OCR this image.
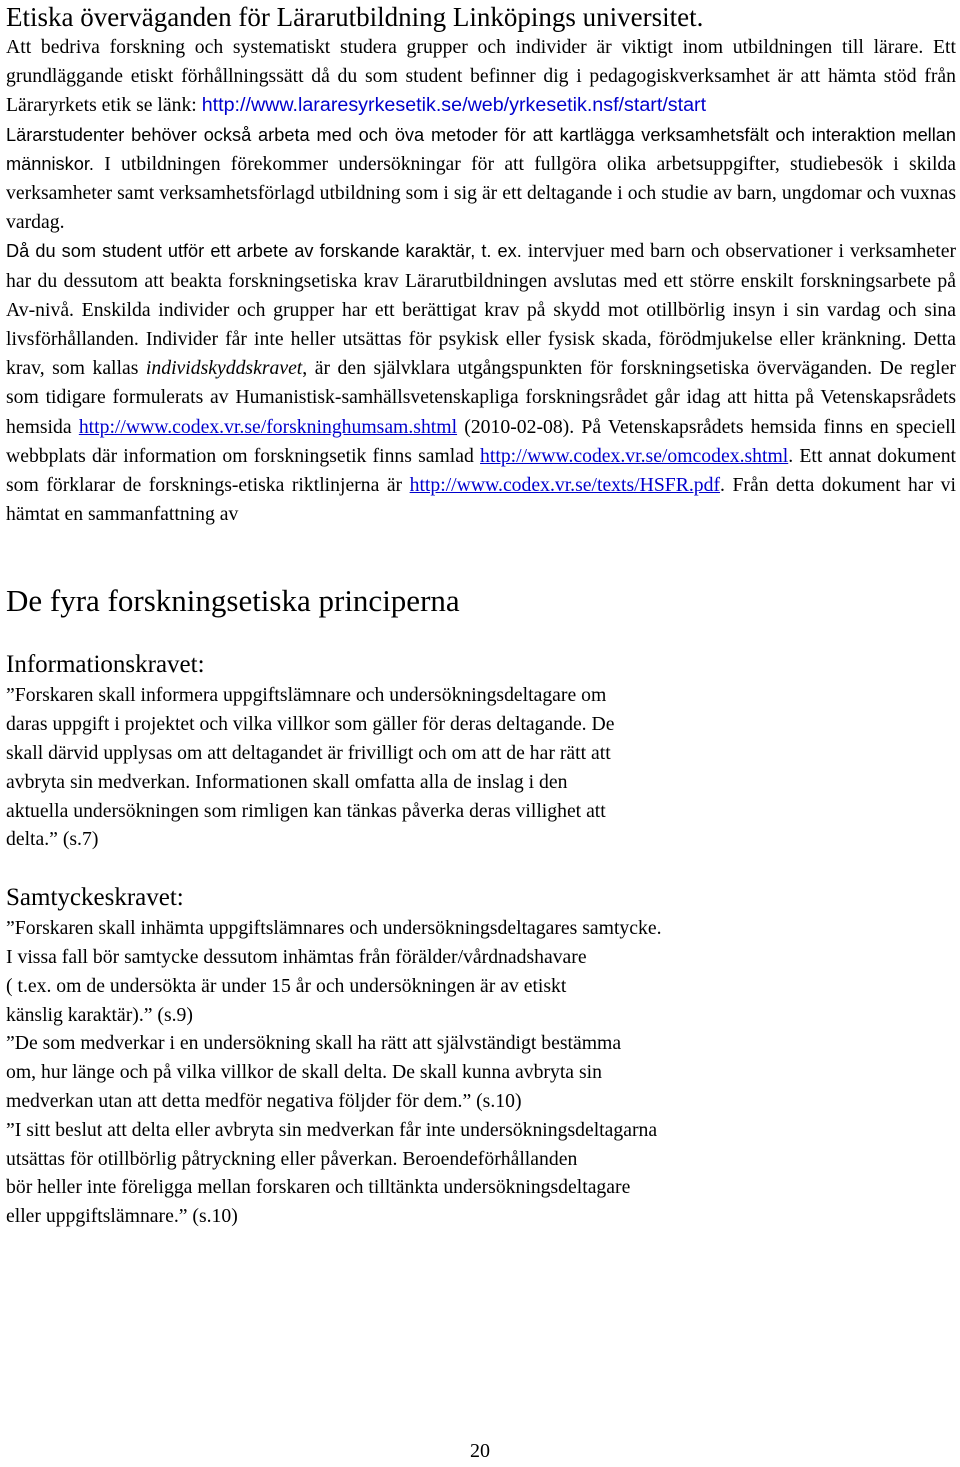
Etiska överväganden för Lärarutbildning Linköpings universitet.

Att bedriva forskning och systematiskt studera grupper och individer är viktigt inom utbildningen till lärare. Ett grundläggande etiskt förhållningssätt då du som student befinner dig i pedagogiskverksamhet är att hämta stöd från Läraryrkets etik se länk: http://www.lararesyrkesetik.se/web/yrkesetik.nsf/start/start

Lärarstudenter behöver också arbeta med och öva metoder för att kartlägga verksamhetsfält och interaktion mellan människor. I utbildningen förekommer undersökningar för att fullgöra olika arbetsuppgifter, studiebesök i skilda verksamheter samt verksamhetsförlagd utbildning som i sig är ett deltagande i och studie av barn, ungdomar och vuxnas vardag.

Då du som student utför ett arbete av forskande karaktär, t. ex. intervjuer med barn och observationer i verksamheter har du dessutom att beakta forskningsetiska krav Lärarutbildningen avslutas med ett större enskilt forskningsarbete på Av-nivå. Enskilda individer och grupper har ett berättigat krav på skydd mot otillbörlig insyn i sin vardag och sina livsförhållanden. Individer får inte heller utsättas för psykisk eller fysisk skada, förödmjukelse eller kränkning. Detta krav, som kallas individskyddskravet, är den självklara utgångspunkten för forskningsetiska överväganden. De regler som tidigare formulerats av Humanistisk-samhällsvetenskapliga forskningsrådet går idag att hitta på Vetenskapsrådets hemsida http://www.codex.vr.se/forskninghumsam.shtml (2010-02-08). På Vetenskapsrådets hemsida finns en speciell webbplats där information om forskningsetik finns samlad http://www.codex.vr.se/omcodex.shtml. Ett annat dokument som förklarar de forsknings-etiska riktlinjerna är http://www.codex.vr.se/texts/HSFR.pdf. Från detta dokument har vi hämtat en sammanfattning av

De fyra forskningsetiska principerna
Informationskravet:

”Forskaren skall informera uppgiftslämnare och undersökningsdeltagare om
daras uppgift i projektet och vilka villkor som gäller för deras deltagande. De
skall därvid upplysas om att deltagandet är frivilligt och om att de har rätt att
avbryta sin medverkan. Informationen skall omfatta alla de inslag i den
aktuella undersökningen som rimligen kan tänkas påverka deras villighet att
delta.” (s.7)

Samtyckeskravet:

”Forskaren skall inhämta uppgiftslämnares och undersökningsdeltagares samtycke.
I vissa fall bör samtycke dessutom inhämtas från förälder/vårdnadshavare
( t.ex. om de undersökta är under 15 år och undersökningen är av etiskt
känslig karaktär).” (s.9)
”De som medverkar i en undersökning skall ha rätt att självständigt bestämma
om, hur länge och på vilka villkor de skall delta. De skall kunna avbryta sin
medverkan utan att detta medför negativa följder för dem.” (s.10)
”I sitt beslut att delta eller avbryta sin medverkan får inte undersökningsdeltagarna
utsättas för otillbörlig påtryckning eller påverkan. Beroendeförhållanden
bör heller inte föreligga mellan forskaren och tilltänkta undersökningsdeltagare
eller uppgiftslämnare.” (s.10)

20
